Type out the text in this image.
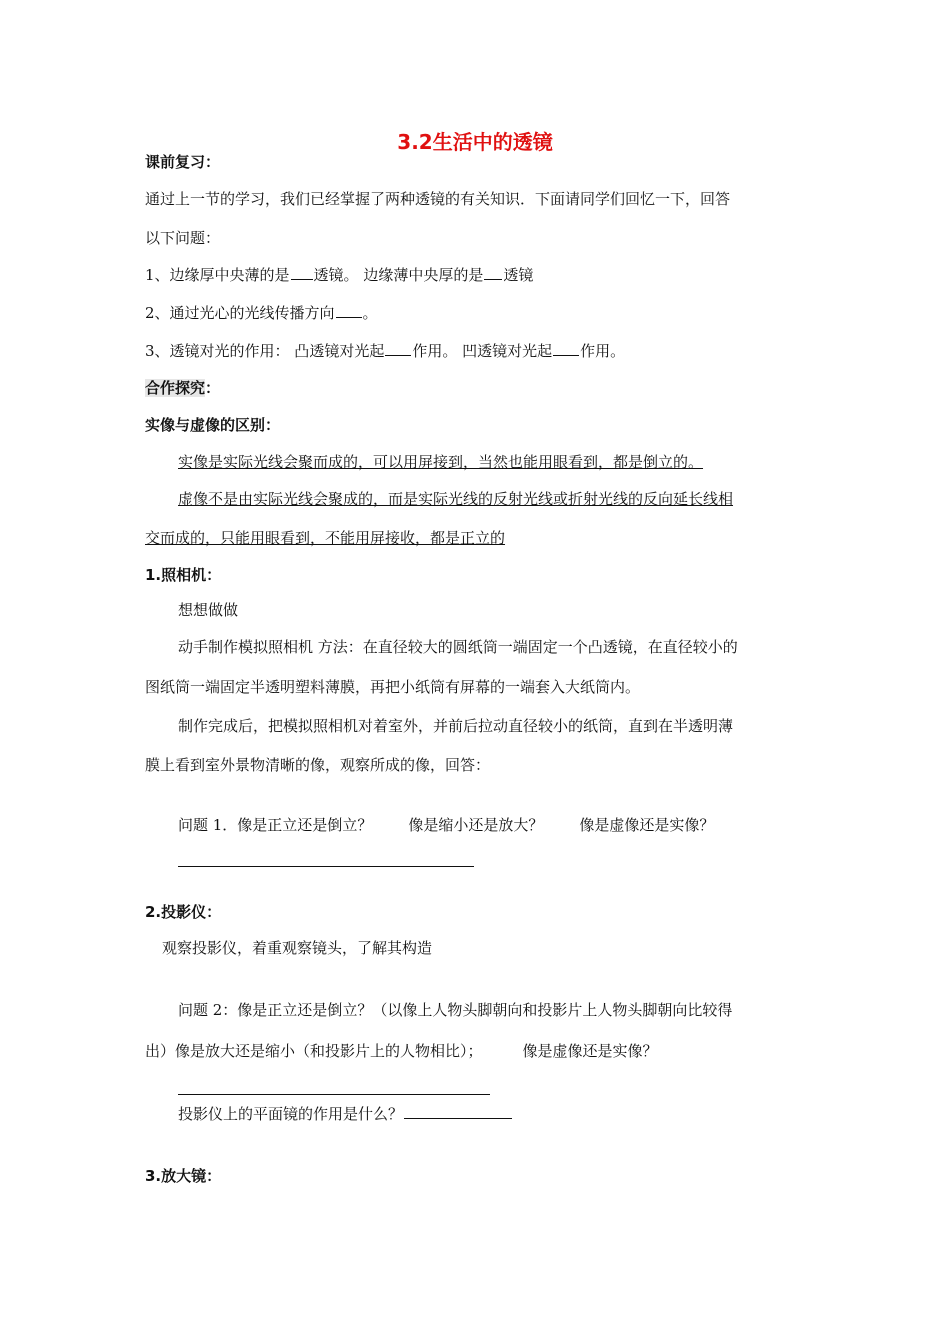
3.2生活中的透镜
课前复习：
通过上一节的学习，我们已经掌握了两种透镜的有关知识．下面请同学们回忆一下，回答
以下问题：
1、边缘厚中央薄的是 透镜。 边缘薄中央厚的是 透镜
2、通过光心的光线传播方向 。
3、透镜对光的作用： 凸透镜对光起 作用。 凹透镜对光起 作用。
合作探究：
实像与虚像的区别：
实像是实际光线会聚而成的，可以用屏接到，当然也能用眼看到，都是倒立的。
虚像不是由实际光线会聚成的，而是实际光线的反射光线或折射光线的反向延长线相
交而成的，只能用眼看到，不能用屏接收，都是正立的
1.照相机：
想想做做
动手制作模拟照相机 方法：在直径较大的圆纸筒一端固定一个凸透镜，在直径较小的
图纸筒一端固定半透明塑料薄膜，再把小纸筒有屏幕的一端套入大纸筒内。
制作完成后，把模拟照相机对着室外，并前后拉动直径较小的纸筒，直到在半透明薄
膜上看到室外景物清晰的像，观察所成的像，回答：
问题 1．像是正立还是倒立？ 像是缩小还是放大？ 像是虚像还是实像？
2.投影仪：
观察投影仪，着重观察镜头，了解其构造
问题 2：像是正立还是倒立？（以像上人物头脚朝向和投影片上人物头脚朝向比较得
出）像是放大还是缩小（和投影片上的人物相比）；	像是虚像还是实像？
投影仪上的平面镜的作用是什么？
3.放大镜：
